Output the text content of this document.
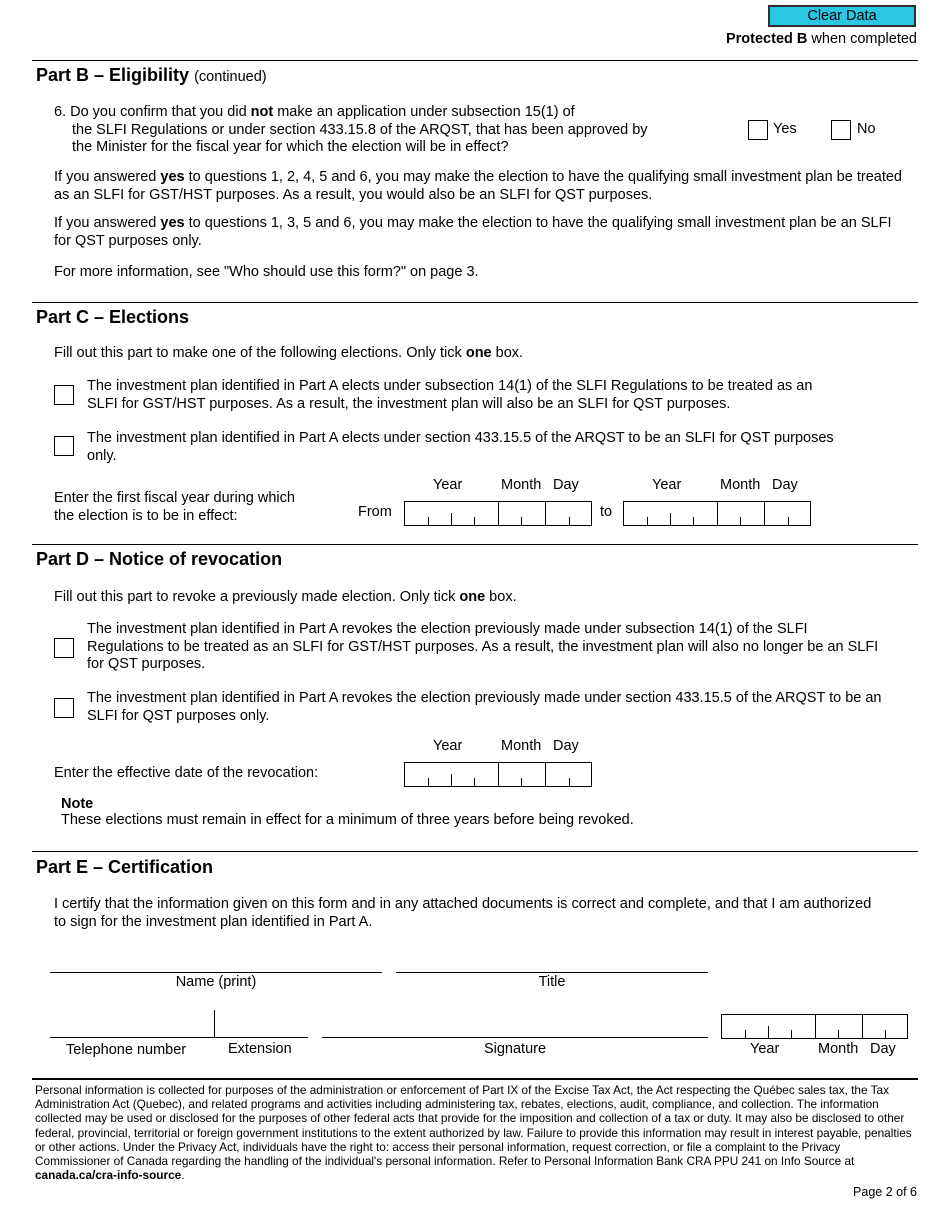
Clear Data
Protected B when completed
Part B – Eligibility (continued)
6. Do you confirm that you did not make an application under subsection 15(1) of
the SLFI Regulations or under section 433.15.8 of the ARQST, that has been approved by
the Minister for the fiscal year for which the election will be in effect?
Yes	No
If you answered yes to questions 1, 2, 4, 5 and 6, you may make the election to have the qualifying small investment plan be treated as an SLFI for GST/HST purposes. As a result, you would also be an SLFI for QST purposes.
If you answered yes to questions 1, 3, 5 and 6, you may make the election to have the qualifying small investment plan be an SLFI for QST purposes only.
For more information, see "Who should use this form?" on page 3.
Part C – Elections
Fill out this part to make one of the following elections. Only tick one box.
The investment plan identified in Part A elects under subsection 14(1) of the SLFI Regulations to be treated as an SLFI for GST/HST purposes. As a result, the investment plan will also be an SLFI for QST purposes.
The investment plan identified in Part A elects under section 433.15.5 of the ARQST to be an SLFI for QST purposes only.
Enter the first fiscal year during which the election is to be in effect:	From
Year	Month Day
to
Year	Month Day
Part D – Notice of revocation
Fill out this part to revoke a previously made election. Only tick one box.
The investment plan identified in Part A revokes the election previously made under subsection 14(1) of the SLFI Regulations to be treated as an SLFI for GST/HST purposes. As a result, the investment plan will also no longer be an SLFI for QST purposes.
The investment plan identified in Part A revokes the election previously made under section 433.15.5 of the ARQST to be an SLFI for QST purposes only.
Year	Month Day
Enter the effective date of the revocation:
Note
These elections must remain in effect for a minimum of three years before being revoked.
Part E – Certification
I certify that the information given on this form and in any attached documents is correct and complete, and that I am authorized to sign for the investment plan identified in Part A.
Name (print)	Title
Telephone number	Extension	Signature	Year	Month Day
Personal information is collected for purposes of the administration or enforcement of Part IX of the Excise Tax Act, the Act respecting the Québec sales tax, the Tax Administration Act (Quebec), and related programs and activities including administering tax, rebates, elections, audit, compliance, and collection. The information collected may be used or disclosed for the purposes of other federal acts that provide for the imposition and collection of a tax or duty. It may also be disclosed to other federal, provincial, territorial or foreign government institutions to the extent authorized by law. Failure to provide this information may result in interest payable, penalties or other actions. Under the Privacy Act, individuals have the right to: access their personal information, request correction, or file a complaint to the Privacy Commissioner of Canada regarding the handling of the individual's personal information. Refer to Personal Information Bank CRA PPU 241 on Info Source at canada.ca/cra-info-source.
Page 2 of 6
